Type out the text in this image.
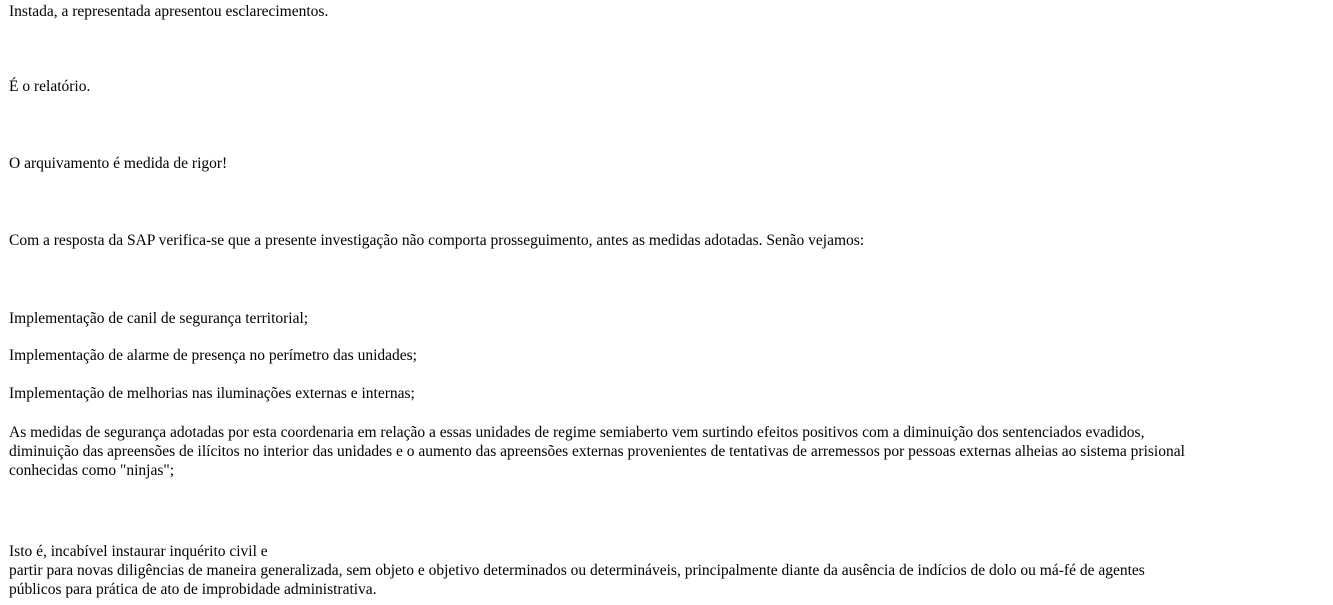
Instada, a representada apresentou esclarecimentos.

É o relatório.

O arquivamento é medida de rigor!

Com a resposta da SAP verifica-se que a presente investigação não comporta prosseguimento, antes as medidas adotadas. Senão vejamos:

Implementação de canil de segurança territorial;

Implementação de alarme de presença no perímetro das unidades;

Implementação de melhorias nas iluminações externas e internas;

As medidas de segurança adotadas por esta coordenaria em relação a essas unidades de regime semiaberto vem surtindo efeitos positivos com a diminuição dos sentenciados evadidos,
diminuição das apreensões de ilícitos no interior das unidades e o aumento das apreensões externas provenientes de tentativas de arremessos por pessoas externas alheias ao sistema prisional
conhecidas como "ninjas";

Isto é, incabível instaurar inquérito civil e
partir para novas diligências de maneira generalizada, sem objeto e objetivo determinados ou determináveis, principalmente diante da ausência de indícios de dolo ou má-fé de agentes
públicos para prática de ato de improbidade administrativa.
